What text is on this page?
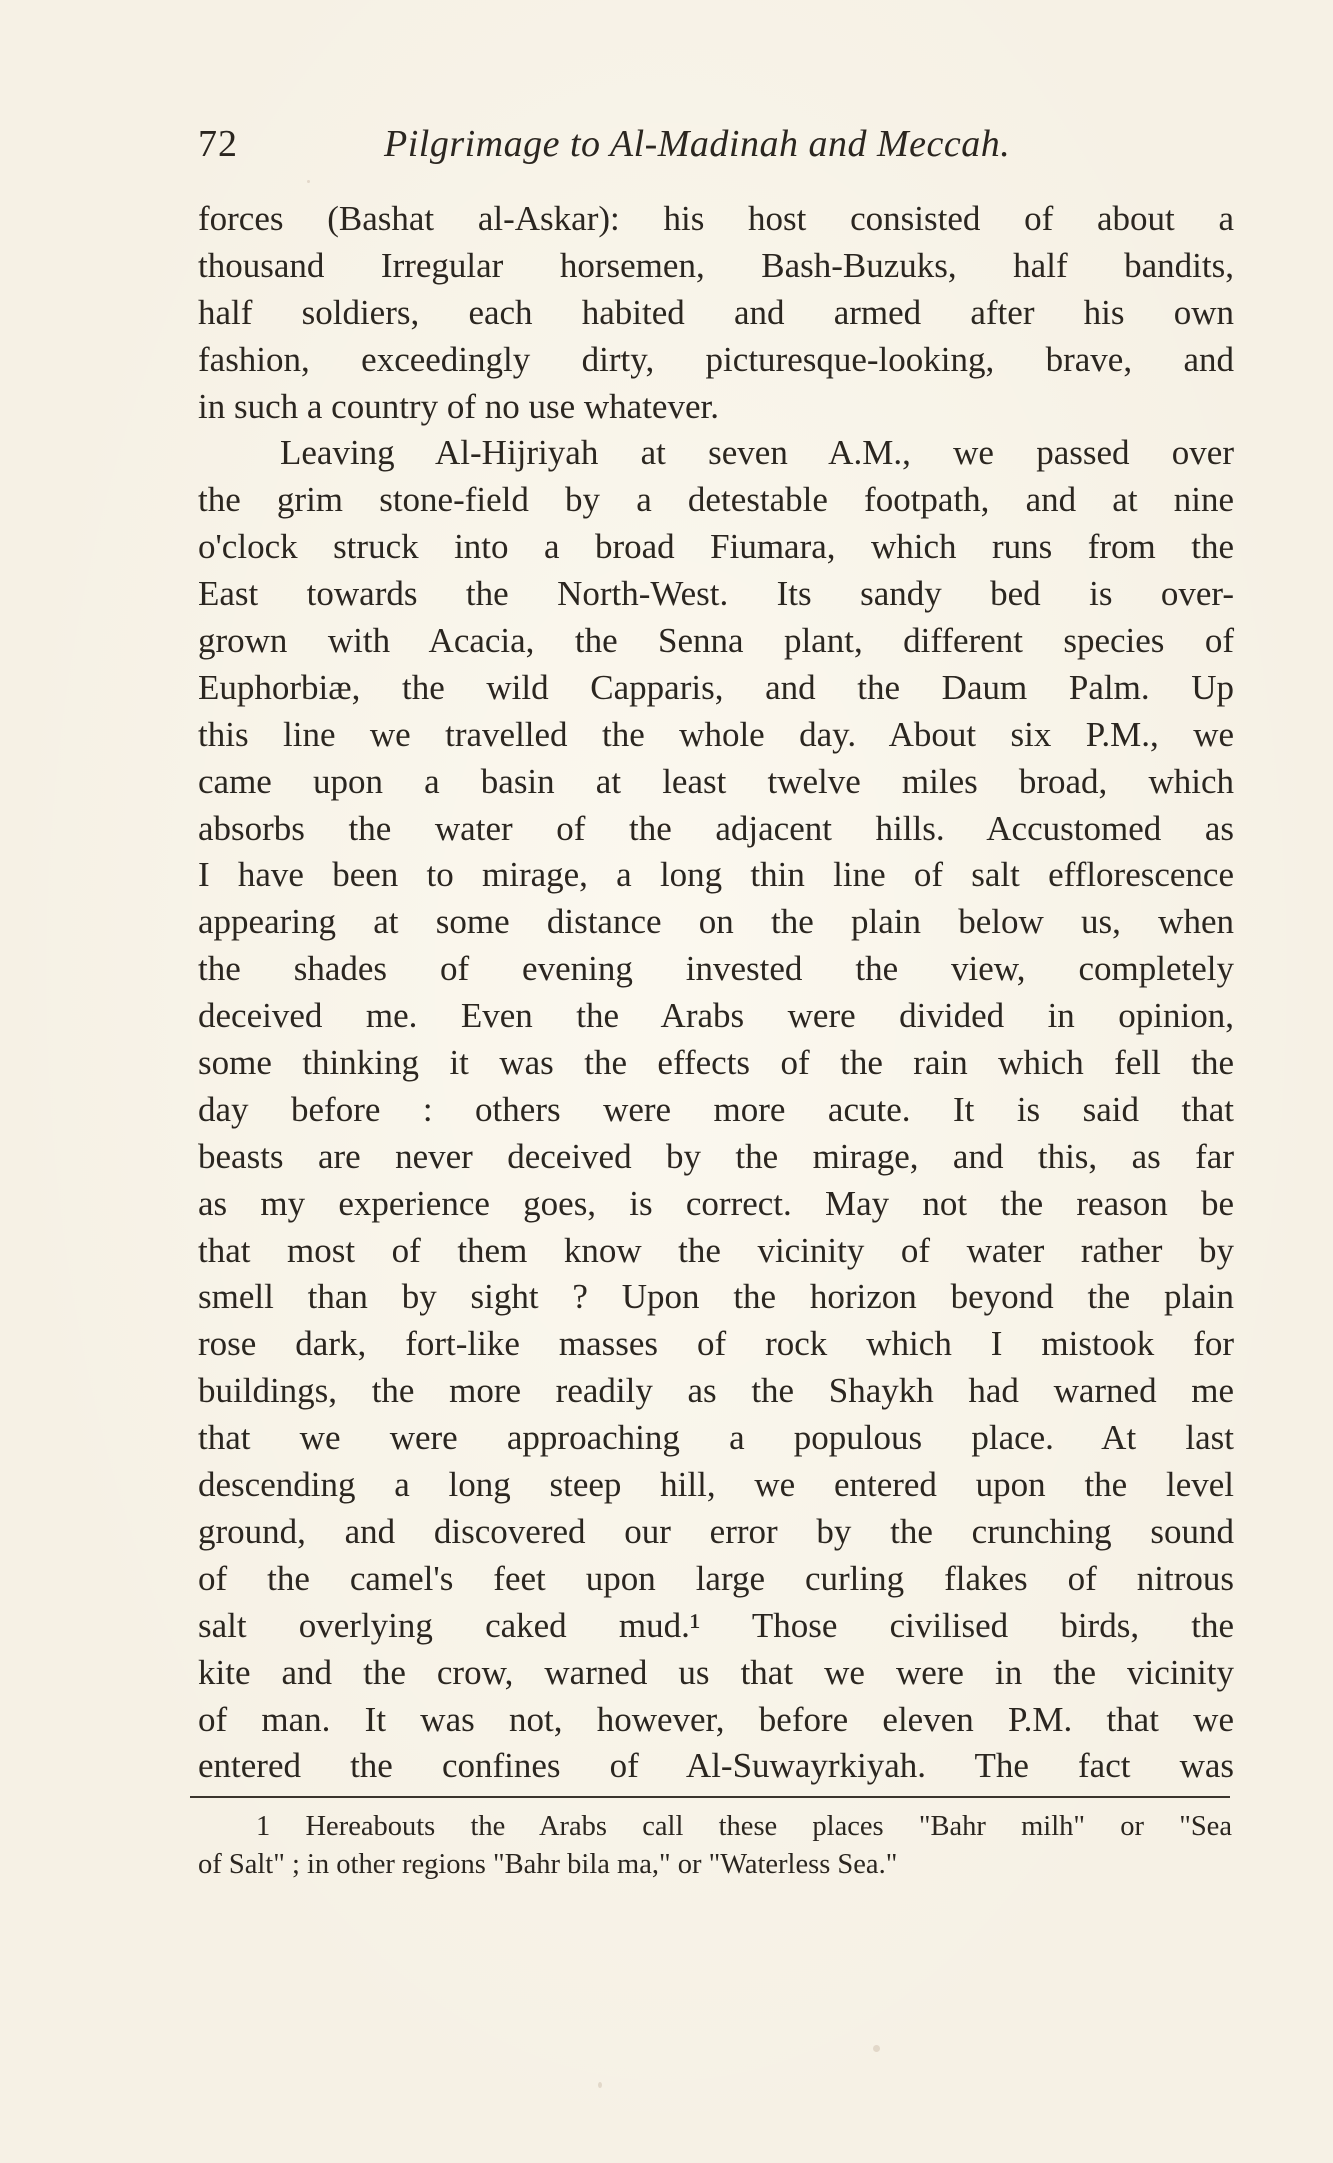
72	Pilgrimage to Al-Madinah and Meccah.
forces (Bashat al-Askar): his host consisted of about a
thousand Irregular horsemen, Bash-Buzuks, half bandits,
half soldiers, each habited and armed after his own
fashion, exceedingly dirty, picturesque-looking, brave, and
in such a country of no use whatever.
Leaving Al-Hijriyah at seven A.M., we passed over
the grim stone-field by a detestable footpath, and at nine
o'clock struck into a broad Fiumara, which runs from the
East towards the North-West. Its sandy bed is over-
grown with Acacia, the Senna plant, different species of
Euphorbiæ, the wild Capparis, and the Daum Palm. Up
this line we travelled the whole day. About six P.M., we
came upon a basin at least twelve miles broad, which
absorbs the water of the adjacent hills. Accustomed as
I have been to mirage, a long thin line of salt efflorescence
appearing at some distance on the plain below us, when
the shades of evening invested the view, completely
deceived me. Even the Arabs were divided in opinion,
some thinking it was the effects of the rain which fell the
day before : others were more acute. It is said that
beasts are never deceived by the mirage, and this, as far
as my experience goes, is correct. May not the reason be
that most of them know the vicinity of water rather by
smell than by sight ? Upon the horizon beyond the plain
rose dark, fort-like masses of rock which I mistook for
buildings, the more readily as the Shaykh had warned me
that we were approaching a populous place. At last
descending a long steep hill, we entered upon the level
ground, and discovered our error by the crunching sound
of the camel's feet upon large curling flakes of nitrous
salt overlying caked mud.¹ Those civilised birds, the
kite and the crow, warned us that we were in the vicinity
of man. It was not, however, before eleven P.M. that we
entered the confines of Al-Suwayrkiyah. The fact was
1 Hereabouts the Arabs call these places "Bahr milh" or "Sea
of Salt" ; in other regions "Bahr bila ma," or "Waterless Sea."
